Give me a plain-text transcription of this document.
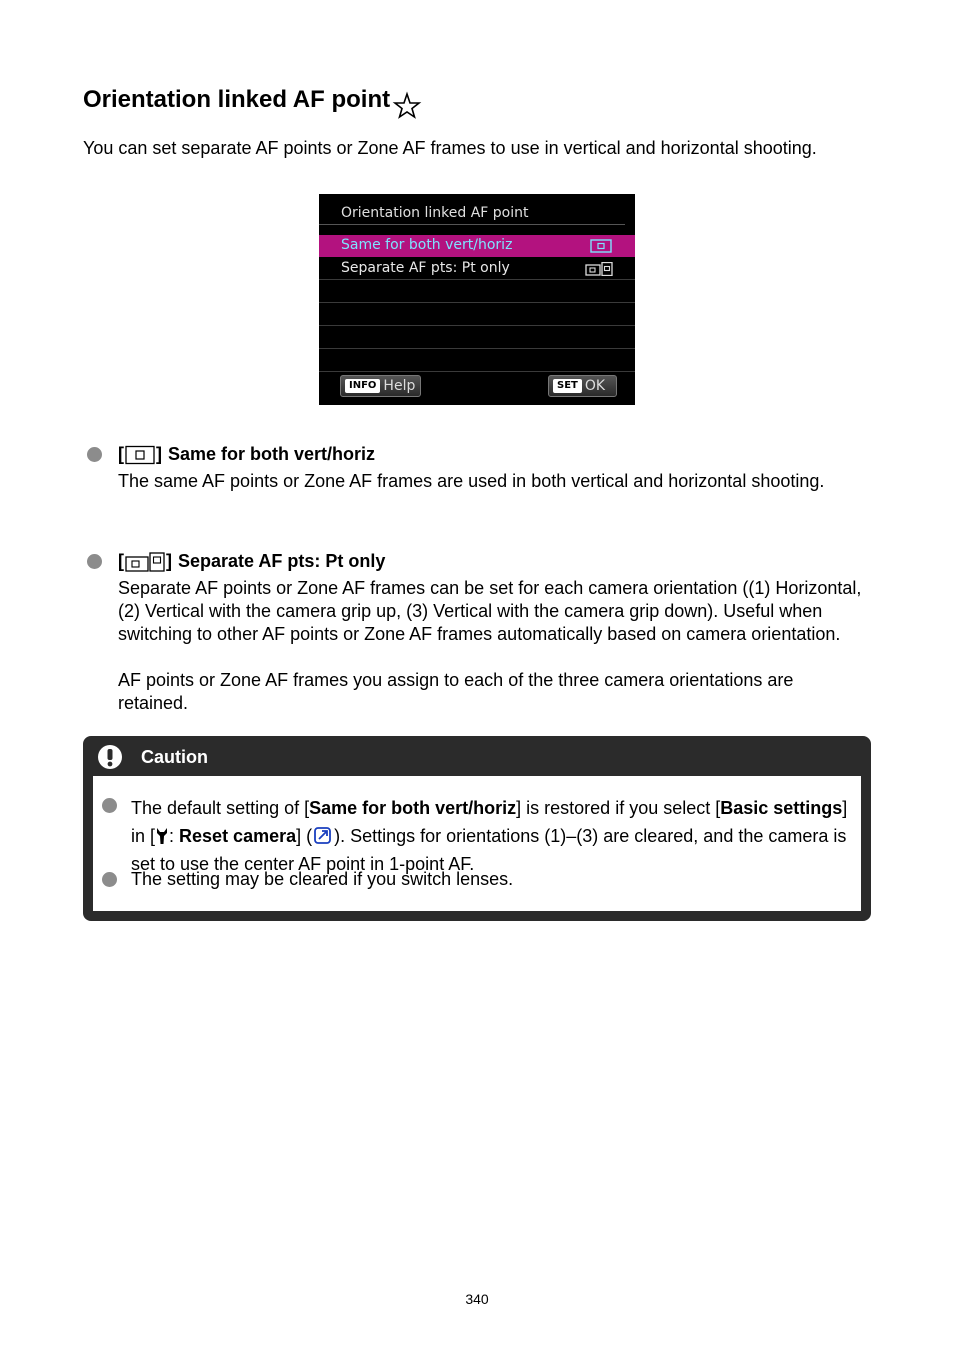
Orientation linked AF point

You can set separate AF points or Zone AF frames to use in vertical and horizontal shooting.

Orientation linked AF point
Same for both vert/horiz
Separate AF pts: Pt only
INFO Help	SET OK
[ ] Same for both vert/horiz

The same AF points or Zone AF frames are used in both vertical and horizontal shooting.

[ ] Separate AF pts: Pt only

Separate AF points or Zone AF frames can be set for each camera orientation ((1) Horizontal, (2) Vertical with the camera grip up, (3) Vertical with the camera grip down). Useful when switching to other AF points or Zone AF frames automatically based on camera orientation.

AF points or Zone AF frames you assign to each of the three camera orientations are retained.

Caution

The default setting of [Same for both vert/horiz] is restored if you select [Basic settings] in [ : Reset camera] ( ). Settings for orientations (1)–(3) are cleared, and the camera is set to use the center AF point in 1-point AF.

The setting may be cleared if you switch lenses.

340
